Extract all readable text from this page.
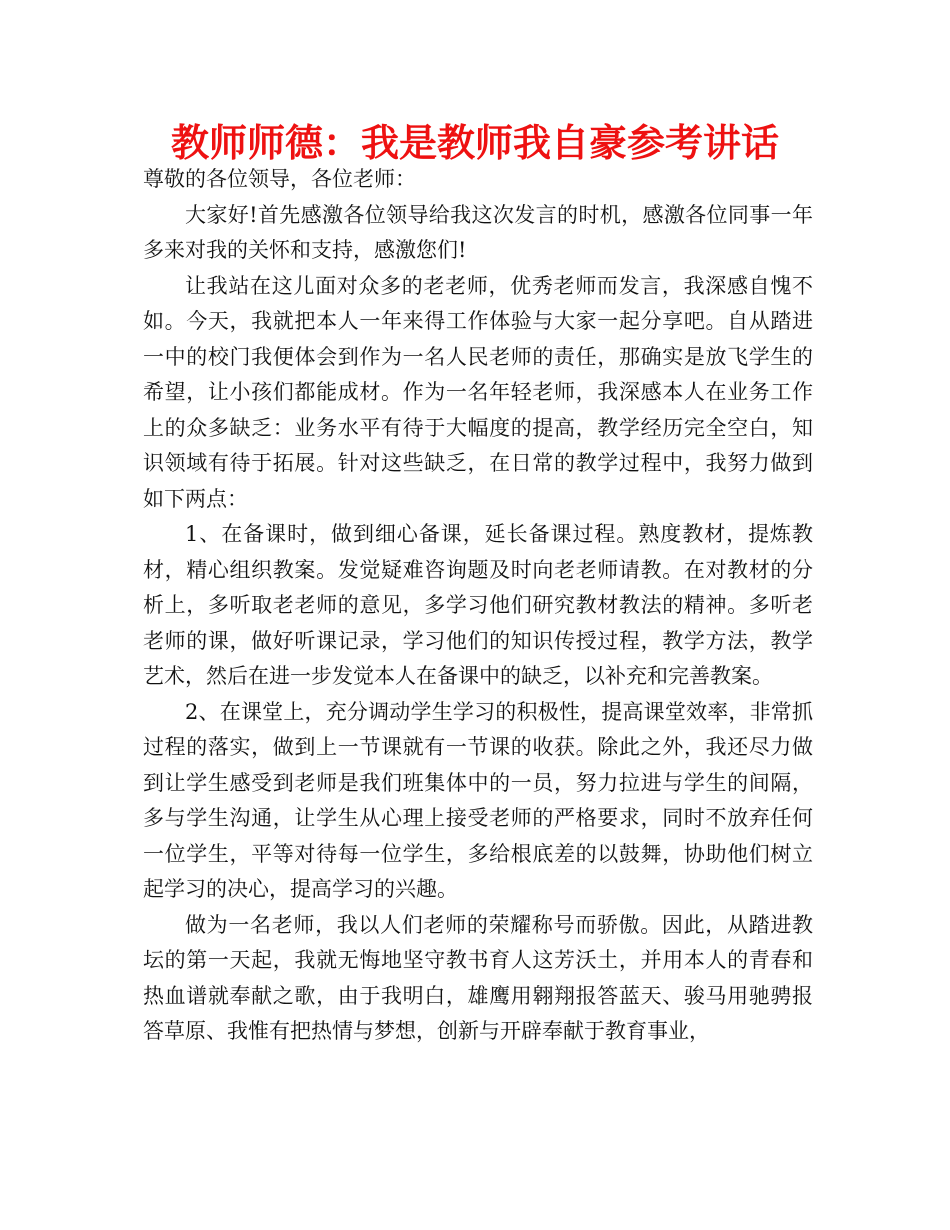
教师师德：我是教师我自豪参考讲话

尊敬的各位领导，各位老师：

大家好!首先感激各位领导给我这次发言的时机，感激各位同事一年多来对我的关怀和支持，感激您们!

让我站在这儿面对众多的老老师，优秀老师而发言，我深感自愧不如。今天，我就把本人一年来得工作体验与大家一起分享吧。自从踏进一中的校门我便体会到作为一名人民老师的责任，那确实是放飞学生的希望，让小孩们都能成材。作为一名年轻老师，我深感本人在业务工作上的众多缺乏：业务水平有待于大幅度的提高，教学经历完全空白，知识领域有待于拓展。针对这些缺乏，在日常的教学过程中，我努力做到如下两点：

1、在备课时，做到细心备课，延长备课过程。熟度教材，提炼教材，精心组织教案。发觉疑难咨询题及时向老老师请教。在对教材的分析上，多听取老老师的意见，多学习他们研究教材教法的精神。多听老老师的课，做好听课记录，学习他们的知识传授过程，教学方法，教学艺术，然后在进一步发觉本人在备课中的缺乏，以补充和完善教案。

2、在课堂上，充分调动学生学习的积极性，提高课堂效率，非常抓过程的落实，做到上一节课就有一节课的收获。除此之外，我还尽力做到让学生感受到老师是我们班集体中的一员，努力拉进与学生的间隔，多与学生沟通，让学生从心理上接受老师的严格要求，同时不放弃任何一位学生，平等对待每一位学生，多给根底差的以鼓舞，协助他们树立起学习的决心，提高学习的兴趣。

做为一名老师，我以人们老师的荣耀称号而骄傲。因此，从踏进教坛的第一天起，我就无悔地坚守教书育人这芳沃土，并用本人的青春和热血谱就奉献之歌，由于我明白，雄鹰用翱翔报答蓝天、骏马用驰骋报答草原、我惟有把热情与梦想，创新与开辟奉献于教育事业，
